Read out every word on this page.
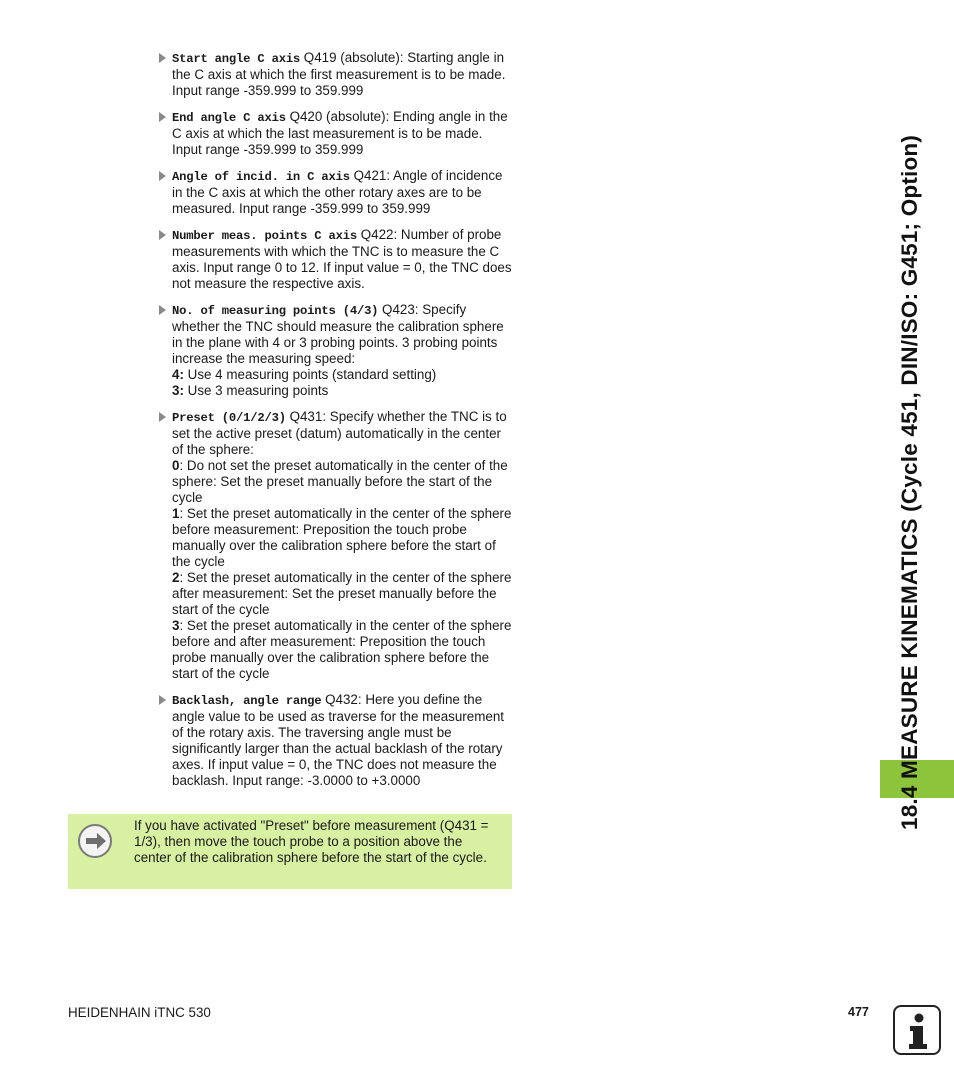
Start angle C axis Q419 (absolute): Starting angle in the C axis at which the first measurement is to be made. Input range -359.999 to 359.999
End angle C axis Q420 (absolute): Ending angle in the C axis at which the last measurement is to be made. Input range -359.999 to 359.999
Angle of incid. in C axis Q421: Angle of incidence in the C axis at which the other rotary axes are to be measured. Input range -359.999 to 359.999
Number meas. points C axis Q422: Number of probe measurements with which the TNC is to measure the C axis. Input range 0 to 12. If input value = 0, the TNC does not measure the respective axis.
No. of measuring points (4/3) Q423: Specify whether the TNC should measure the calibration sphere in the plane with 4 or 3 probing points. 3 probing points increase the measuring speed:
4: Use 4 measuring points (standard setting)
3: Use 3 measuring points
Preset (0/1/2/3) Q431: Specify whether the TNC is to set the active preset (datum) automatically in the center of the sphere:
0: Do not set the preset automatically in the center of the sphere: Set the preset manually before the start of the cycle
1: Set the preset automatically in the center of the sphere before measurement: Preposition the touch probe manually over the calibration sphere before the start of the cycle
2: Set the preset automatically in the center of the sphere after measurement: Set the preset manually before the start of the cycle
3: Set the preset automatically in the center of the sphere before and after measurement: Preposition the touch probe manually over the calibration sphere before the start of the cycle
Backlash, angle range Q432: Here you define the angle value to be used as traverse for the measurement of the rotary axis. The traversing angle must be significantly larger than the actual backlash of the rotary axes. If input value = 0, the TNC does not measure the backlash. Input range: -3.0000 to +3.0000
If you have activated "Preset" before measurement (Q431 = 1/3), then move the touch probe to a position above the center of the calibration sphere before the start of the cycle.
18.4 MEASURE KINEMATICS (Cycle 451, DIN/ISO: G451; Option)
HEIDENHAIN iTNC 530	477
